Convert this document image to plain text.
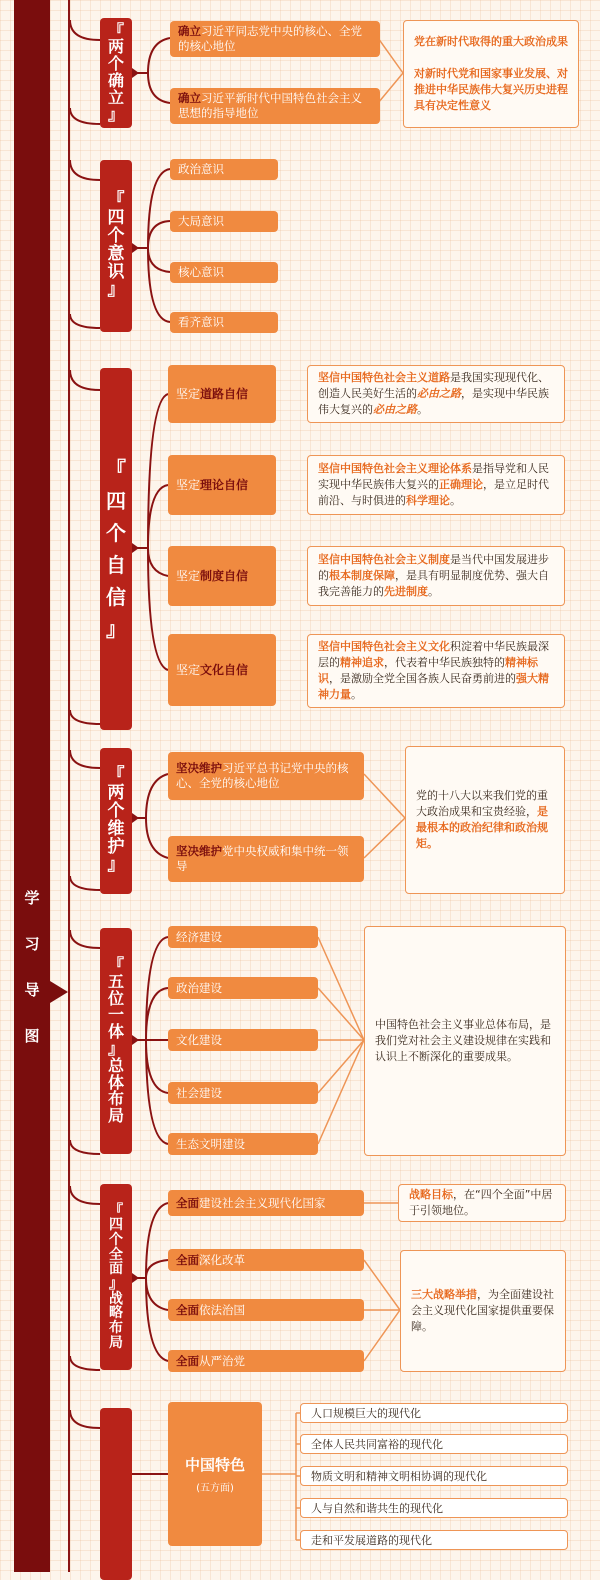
学
习
导
图
『
两
个
确
立
』
确立习近平同志党中央的核心、全党的核心地位
确立习近平新时代中国特色社会主义思想的指导地位
党在新时代取得的重大政治成果

对新时代党和国家事业发展、对推进中华民族伟大复兴历史进程具有决定性意义
『
四
个
意
识
』
政治意识
大局意识
核心意识
看齐意识
『
四
个
自
信
』
坚定道路自信
坚定理论自信
坚定制度自信
坚定文化自信
坚信中国特色社会主义道路是我国实现现代化、创造人民美好生活的必由之路，是实现中华民族伟大复兴的必由之路。
坚信中国特色社会主义理论体系是指导党和人民实现中华民族伟大复兴的正确理论，是立足时代前沿、与时俱进的科学理论。
坚信中国特色社会主义制度是当代中国发展进步的根本制度保障，是具有明显制度优势、强大自我完善能力的先进制度。
坚信中国特色社会主义文化积淀着中华民族最深层的精神追求，代表着中华民族独特的精神标识，是激励全党全国各族人民奋勇前进的强大精神力量。
『
两
个
维
护
』
坚决维护习近平总书记党中央的核心、全党的核心地位
坚决维护党中央权威和集中统一领导
党的十八大以来我们党的重大政治成果和宝贵经验，是最根本的政治纪律和政治规矩。
『
五
位
一
体
』
总
体
布
局
经济建设
政治建设
文化建设
社会建设
生态文明建设
中国特色社会主义事业总体布局，是我们党对社会主义建设规律在实践和认识上不断深化的重要成果。
『
四
个
全
面
』
战
略
布
局
全面建设社会主义现代化国家
全面深化改革
全面依法治国
全面从严治党
战略目标，在“四个全面”中居于引领地位。
三大战略举措，为全面建设社会主义现代化国家提供重要保障。
中国特色
(五方面)
人口规模巨大的现代化
全体人民共同富裕的现代化
物质文明和精神文明相协调的现代化
人与自然和谐共生的现代化
走和平发展道路的现代化
